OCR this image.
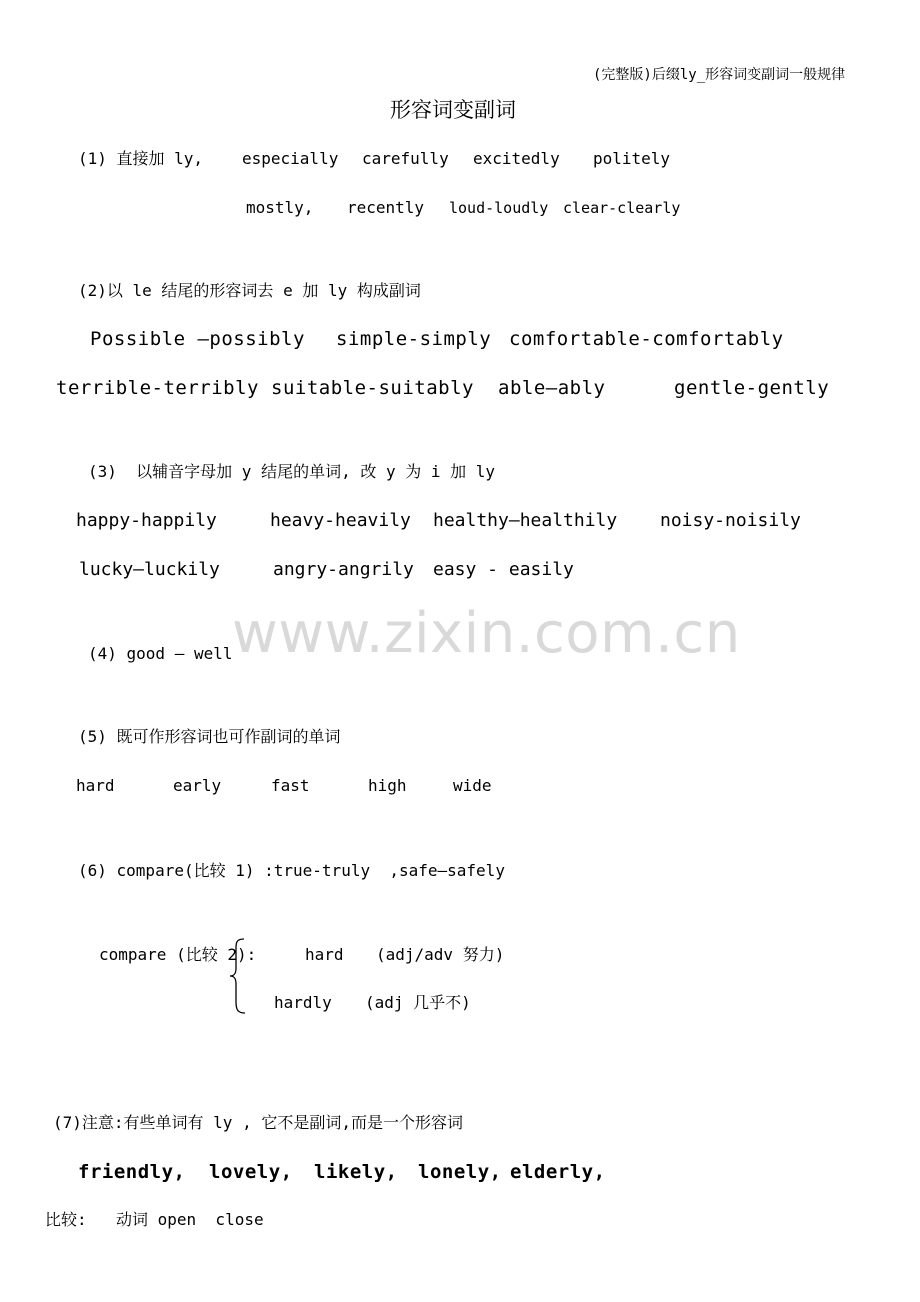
(完整版)后缀ly_形容词变副词一般规律
形容词变副词
www.zixin.com.cn
(1) 直接加 ly, especially carefully excitedly politely
mostly, recently loud-loudly clear-clearly
(2)以 le 结尾的形容词去 e 加 ly 构成副词
Possible —possibly simple-simply comfortable-comfortably
terrible-terribly suitable-suitably able—ably	gentle-gently
(3)  以辅音字母加 y 结尾的单词, 改 y 为 i 加 ly
happy-happily	heavy-heavily healthy—healthily noisy-noisily
lucky—luckily	angry-angrily easy - easily
(4) good — well
(5) 既可作形容词也可作副词的单词
hard	early	fast	high	wide
(6) compare(比较 1) :true-truly  ,safe—safely
compare (比较 2):	hard (adj/adv 努力)
hardly (adj 几乎不)
(7)注意:有些单词有 ly , 它不是副词,而是一个形容词
friendly, lovely, likely, lonely, elderly,
比较: 动词 open  close
